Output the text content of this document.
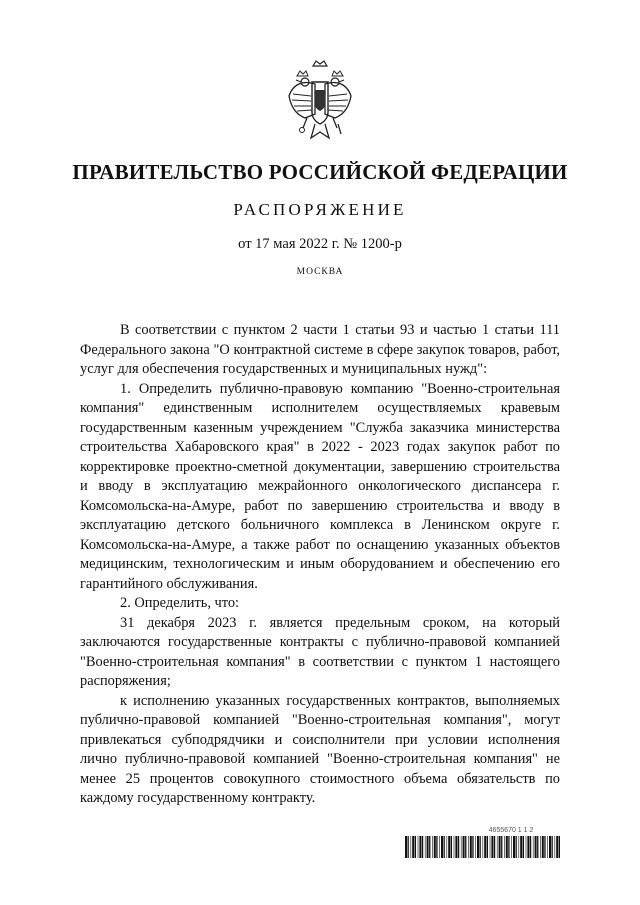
ПРАВИТЕЛЬСТВО РОССИЙСКОЙ ФЕДЕРАЦИИ
РАСПОРЯЖЕНИЕ
от 17 мая 2022 г. № 1200-р
МОСКВА

В соответствии с пунктом 2 части 1 статьи 93 и частью 1 статьи 111 Федерального закона "О контрактной системе в сфере закупок товаров, работ, услуг для обеспечения государственных и муниципальных нужд":

1. Определить публично-правовую компанию "Военно-строительная компания" единственным исполнителем осуществляемых кравевым государственным казенным учреждением "Служба заказчика министерства строительства Хабаровского края" в 2022 - 2023 годах закупок работ по корректировке проектно-сметной документации, завершению строительства и вводу в эксплуатацию межрайонного онкологического диспансера г. Комсомольска-на-Амуре, работ по завершению строительства и вводу в эксплуатацию детского больничного комплекса в Ленинском округе г. Комсомольска-на-Амуре, а также работ по оснащению указанных объектов медицинским, технологическим и иным оборудованием и обеспечению его гарантийного обслуживания.

2. Определить, что:

31 декабря 2023 г. является предельным сроком, на который заключаются государственные контракты с публично-правовой компанией "Военно-строительная компания" в соответствии с пунктом 1 настоящего распоряжения;

к исполнению указанных государственных контрактов, выполняемых публично-правовой компанией "Военно-строительная компания", могут привлекаться субподрядчики и соисполнители при условии исполнения лично публично-правовой компанией "Военно-строительная компания" не менее 25 процентов совокупного стоимостного объема обязательств по каждому государственному контракту.

4655670 1 1 2
